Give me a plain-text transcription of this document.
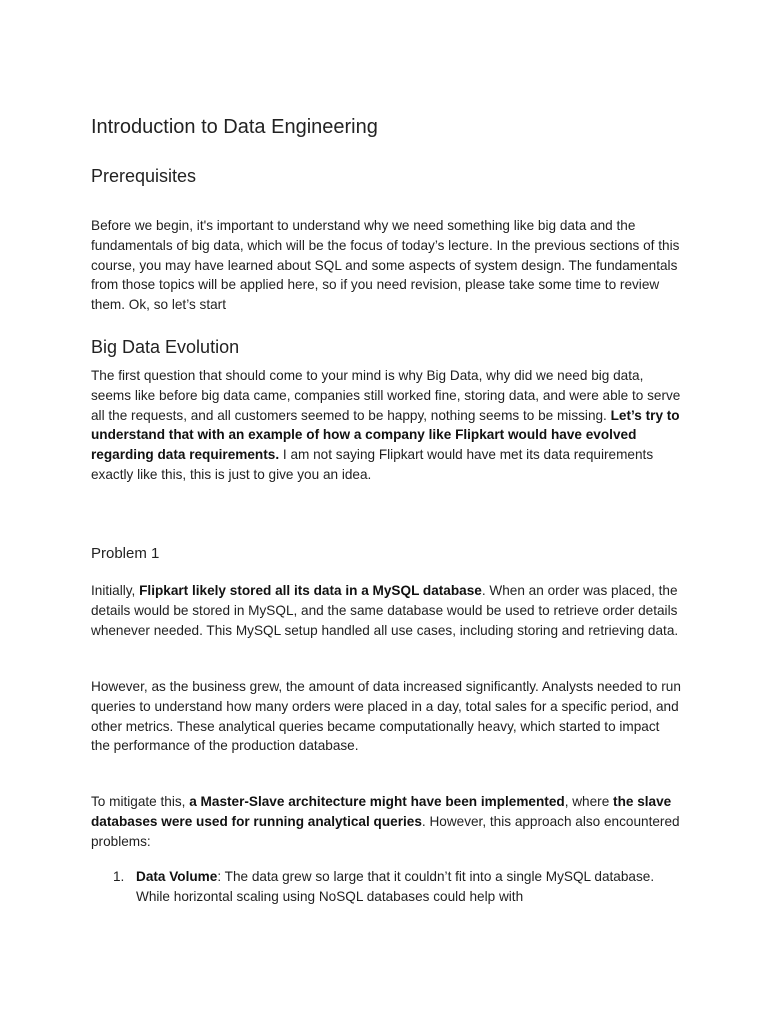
Introduction to Data Engineering
Prerequisites

Before we begin, it's important to understand why we need something like big data and the fundamentals of big data, which will be the focus of today’s lecture. In the previous sections of this course, you may have learned about SQL and some aspects of system design. The fundamentals from those topics will be applied here, so if you need revision, please take some time to review them. Ok, so let’s start

Big Data Evolution

The first question that should come to your mind is why Big Data, why did we need big data, seems like before big data came, companies still worked fine, storing data, and were able to serve all the requests, and all customers seemed to be happy, nothing seems to be missing. Let’s try to understand that with an example of how a company like Flipkart would have evolved regarding data requirements. I am not saying Flipkart would have met its data requirements exactly like this, this is just to give you an idea.

Problem 1

Initially, Flipkart likely stored all its data in a MySQL database. When an order was placed, the details would be stored in MySQL, and the same database would be used to retrieve order details whenever needed. This MySQL setup handled all use cases, including storing and retrieving data.

However, as the business grew, the amount of data increased significantly. Analysts needed to run queries to understand how many orders were placed in a day, total sales for a specific period, and other metrics. These analytical queries became computationally heavy, which started to impact the performance of the production database.

To mitigate this, a Master-Slave architecture might have been implemented, where the slave databases were used for running analytical queries. However, this approach also encountered problems:

1. Data Volume: The data grew so large that it couldn’t fit into a single MySQL database. While horizontal scaling using NoSQL databases could help with
